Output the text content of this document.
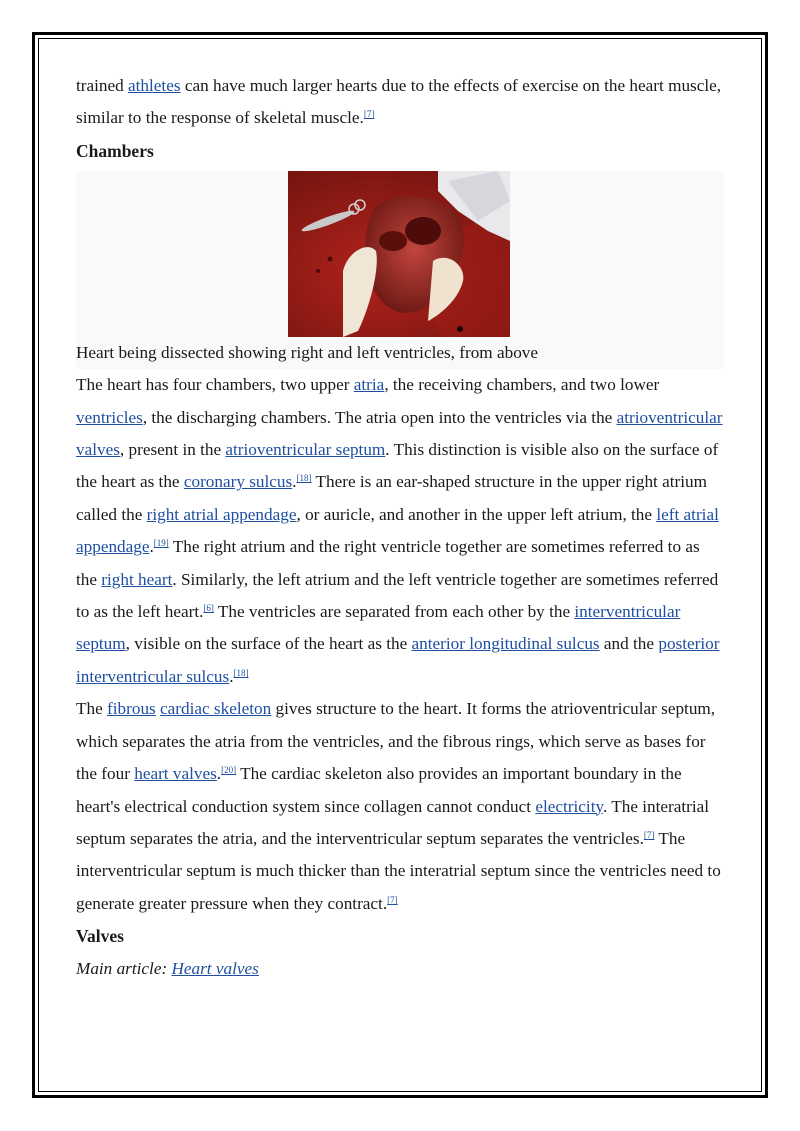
trained athletes can have much larger hearts due to the effects of exercise on the heart muscle, similar to the response of skeletal muscle.[7]

Chambers

Heart being dissected showing right and left ventricles, from above

The heart has four chambers, two upper atria, the receiving chambers, and two lower ventricles, the discharging chambers. The atria open into the ventricles via the atrioventricular valves, present in the atrioventricular septum. This distinction is visible also on the surface of the heart as the coronary sulcus.[18] There is an ear-shaped structure in the upper right atrium called the right atrial appendage, or auricle, and another in the upper left atrium, the left atrial appendage.[19] The right atrium and the right ventricle together are sometimes referred to as the right heart. Similarly, the left atrium and the left ventricle together are sometimes referred to as the left heart.[6] The ventricles are separated from each other by the interventricular septum, visible on the surface of the heart as the anterior longitudinal sulcus and the posterior interventricular sulcus.[18]

The fibrous cardiac skeleton gives structure to the heart. It forms the atrioventricular septum, which separates the atria from the ventricles, and the fibrous rings, which serve as bases for the four heart valves.[20] The cardiac skeleton also provides an important boundary in the heart's electrical conduction system since collagen cannot conduct electricity. The interatrial septum separates the atria, and the interventricular septum separates the ventricles.[7] The interventricular septum is much thicker than the interatrial septum since the ventricles need to generate greater pressure when they contract.[7]

Valves

Main article: Heart valves
